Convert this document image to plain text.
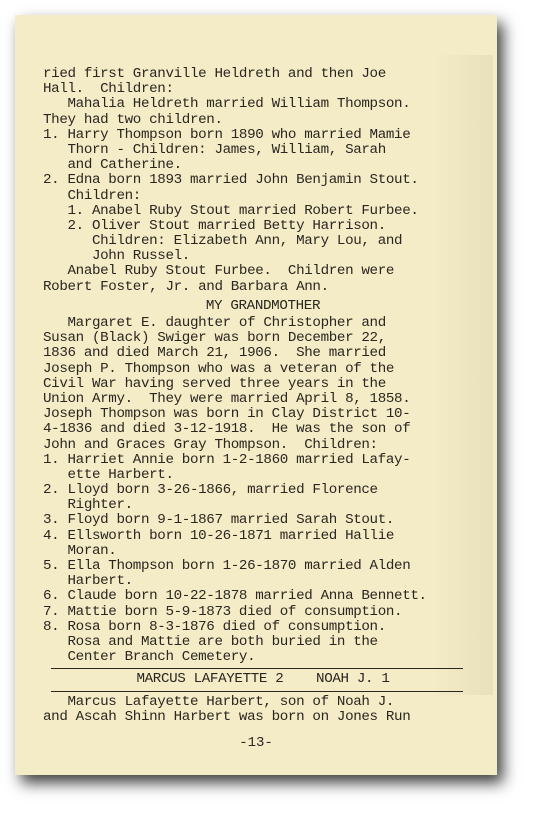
ried first Granville Heldreth and then Joe
Hall.  Children:
Mahalia Heldreth married William Thompson.
They had two children.
1. Harry Thompson born 1890 who married Mamie
Thorn - Children: James, William, Sarah
and Catherine.
2. Edna born 1893 married John Benjamin Stout.
Children:
1. Anabel Ruby Stout married Robert Furbee.
2. Oliver Stout married Betty Harrison.
Children: Elizabeth Ann, Mary Lou, and
John Russel.
Anabel Ruby Stout Furbee.  Children were
Robert Foster, Jr. and Barbara Ann.
MY GRANDMOTHER
Margaret E. daughter of Christopher and
Susan (Black) Swiger was born December 22,
1836 and died March 21, 1906.  She married
Joseph P. Thompson who was a veteran of the
Civil War having served three years in the
Union Army.  They were married April 8, 1858.
Joseph Thompson was born in Clay District 10-
4-1836 and died 3-12-1918.  He was the son of
John and Graces Gray Thompson.  Children:
1. Harriet Annie born 1-2-1860 married Lafay-
ette Harbert.
2. Lloyd born 3-26-1866, married Florence
Righter.
3. Floyd born 9-1-1867 married Sarah Stout.
4. Ellsworth born 10-26-1871 married Hallie
Moran.
5. Ella Thompson born 1-26-1870 married Alden
Harbert.
6. Claude born 10-22-1878 married Anna Bennett.
7. Mattie born 5-9-1873 died of consumption.
8. Rosa born 8-3-1876 died of consumption.
Rosa and Mattie are both buried in the
Center Branch Cemetery.
MARCUS LAFAYETTE 2    NOAH J. 1
Marcus Lafayette Harbert, son of Noah J.
and Ascah Shinn Harbert was born on Jones Run
-13-
